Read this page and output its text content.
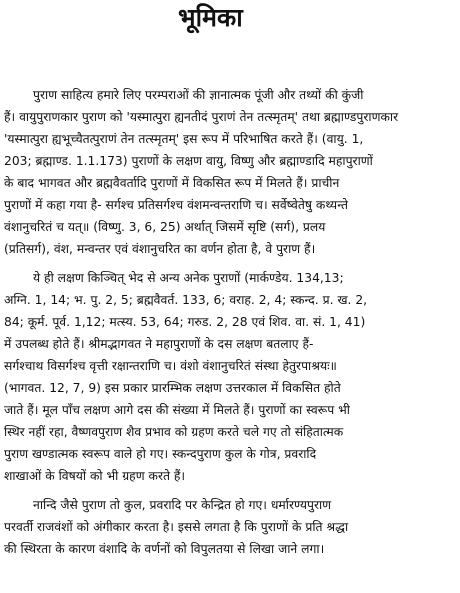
भूमिका
पुराण साहित्य हमारे लिए परम्पराओं की ज्ञानात्मक पूंजी और तथ्यों की कुंजी
हैं। वायुपुराणकार पुराण को 'यस्मात्पुरा ह्यनतीदं पुराणं तेन तत्स्मृतम्' तथा ब्रह्माण्डपुराणकार
'यस्मात्पुरा ह्यभूच्चैतत्पुराणं तेन तत्स्मृतम्' इस रूप में परिभाषित करते हैं। (वायु. 1,
203; ब्रह्माण्ड. 1.1.173) पुराणों के लक्षण वायु, विष्णु और ब्रह्माण्डादि महापुराणों
के बाद भागवत और ब्रह्मवैवर्तादि पुराणों में विकसित रूप में मिलते हैं। प्राचीन
पुराणों में कहा गया है- सर्गश्च प्रतिसर्गश्च वंशमन्वन्तराणि च। सर्वेष्वेतेषु कथ्यन्ते
वंशानुचरितं च यत्॥ (विष्णु. 3, 6, 25) अर्थात् जिसमें सृष्टि (सर्ग), प्रलय
(प्रतिसर्ग), वंश, मन्वन्तर एवं वंशानुचरित का वर्णन होता है, वे पुराण हैं।
ये ही लक्षण किञ्चित् भेद से अन्य अनेक पुराणों (मार्कण्डेय. 134,13;
अग्नि. 1, 14; भ. पु. 2, 5; ब्रह्मवैवर्त. 133, 6; वराह. 2, 4; स्कन्द. प्र. ख. 2,
84; कूर्म. पूर्व. 1,12; मत्स्य. 53, 64; गरुड. 2, 28 एवं शिव. वा. सं. 1, 41)
में उपलब्ध होते हैं। श्रीमद्भागवत ने महापुराणों के दस लक्षण बतलाए हैं-
सर्गश्चाथ विसर्गश्च वृत्ती रक्षान्तराणि च। वंशो वंशानुचरितं संस्था हेतुरपाश्रयः॥
(भागवत. 12, 7, 9) इस प्रकार प्रारम्भिक लक्षण उत्तरकाल में विकसित होते
जाते हैं। मूल पाँच लक्षण आगे दस की संख्या में मिलते हैं। पुराणों का स्वरूप भी
स्थिर नहीं रहा, वैष्णवपुराण शैव प्रभाव को ग्रहण करते चले गए तो संहितात्मक
पुराण खण्डात्मक स्वरूप वाले हो गए। स्कन्दपुराण कुल के गोत्र, प्रवरादि
शाखाओं के विषयों को भी ग्रहण करते हैं।
नान्दि जैसे पुराण तो कुल, प्रवरादि पर केन्द्रित हो गए। धर्मारण्यपुराण
परवर्ती राजवंशों को अंगीकार करता है। इससे लगता है कि पुराणों के प्रति श्रद्धा
की स्थिरता के कारण वंशादि के वर्णनों को विपुलतया से लिखा जाने लगा।
